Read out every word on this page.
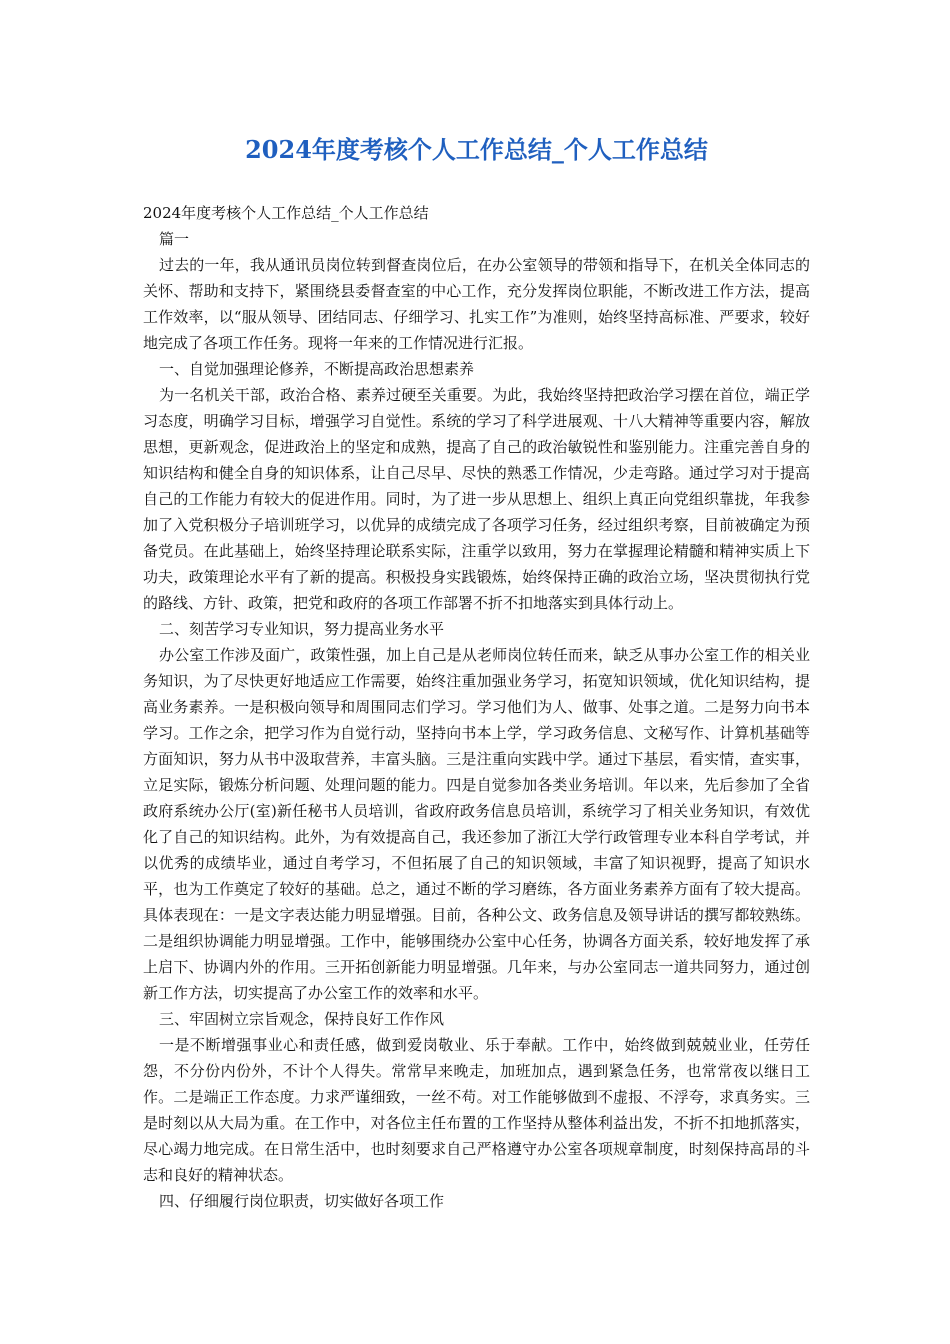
2024年度考核个人工作总结_个人工作总结

2024年度考核个人工作总结_个人工作总结

篇一

过去的一年，我从通讯员岗位转到督查岗位后，在办公室领导的带领和指导下，在机关全体同志的关怀、帮助和支持下，紧围绕县委督查室的中心工作，充分发挥岗位职能，不断改进工作方法，提高工作效率，以“服从领导、团结同志、仔细学习、扎实工作”为准则，始终坚持高标准、严要求，较好地完成了各项工作任务。现将一年来的工作情况进行汇报。

一、自觉加强理论修养，不断提高政治思想素养

为一名机关干部，政治合格、素养过硬至关重要。为此，我始终坚持把政治学习摆在首位，端正学习态度，明确学习目标，增强学习自觉性。系统的学习了科学进展观、十八大精神等重要内容，解放思想，更新观念，促进政治上的坚定和成熟，提高了自己的政治敏锐性和鉴别能力。注重完善自身的知识结构和健全自身的知识体系，让自己尽早、尽快的熟悉工作情况，少走弯路。通过学习对于提高自己的工作能力有较大的促进作用。同时，为了进一步从思想上、组织上真正向党组织靠拢，年我参加了入党积极分子培训班学习，以优异的成绩完成了各项学习任务，经过组织考察，目前被确定为预备党员。在此基础上，始终坚持理论联系实际，注重学以致用，努力在掌握理论精髓和精神实质上下功夫，政策理论水平有了新的提高。积极投身实践锻炼，始终保持正确的政治立场，坚决贯彻执行党的路线、方针、政策，把党和政府的各项工作部署不折不扣地落实到具体行动上。

二、刻苦学习专业知识，努力提高业务水平

办公室工作涉及面广，政策性强，加上自己是从老师岗位转任而来，缺乏从事办公室工作的相关业务知识，为了尽快更好地适应工作需要，始终注重加强业务学习，拓宽知识领域，优化知识结构，提高业务素养。一是积极向领导和周围同志们学习。学习他们为人、做事、处事之道。二是努力向书本学习。工作之余，把学习作为自觉行动，坚持向书本上学，学习政务信息、文秘写作、计算机基础等方面知识，努力从书中汲取营养，丰富头脑。三是注重向实践中学。通过下基层，看实情，查实事，立足实际，锻炼分析问题、处理问题的能力。四是自觉参加各类业务培训。年以来，先后参加了全省政府系统办公厅(室)新任秘书人员培训，省政府政务信息员培训，系统学习了相关业务知识，有效优化了自己的知识结构。此外，为有效提高自己，我还参加了浙江大学行政管理专业本科自学考试，并以优秀的成绩毕业，通过自考学习，不但拓展了自己的知识领域，丰富了知识视野，提高了知识水平，也为工作奠定了较好的基础。总之，通过不断的学习磨练，各方面业务素养方面有了较大提高。具体表现在：一是文字表达能力明显增强。目前，各种公文、政务信息及领导讲话的撰写都较熟练。二是组织协调能力明显增强。工作中，能够围绕办公室中心任务，协调各方面关系，较好地发挥了承上启下、协调内外的作用。三开拓创新能力明显增强。几年来，与办公室同志一道共同努力，通过创新工作方法，切实提高了办公室工作的效率和水平。

三、牢固树立宗旨观念，保持良好工作作风

一是不断增强事业心和责任感，做到爱岗敬业、乐于奉献。工作中，始终做到兢兢业业，任劳任怨，不分份内份外，不计个人得失。常常早来晚走，加班加点，遇到紧急任务，也常常夜以继日工作。二是端正工作态度。力求严谨细致，一丝不苟。对工作能够做到不虚报、不浮夸，求真务实。三是时刻以从大局为重。在工作中，对各位主任布置的工作坚持从整体利益出发，不折不扣地抓落实，尽心竭力地完成。在日常生活中，也时刻要求自己严格遵守办公室各项规章制度，时刻保持高昂的斗志和良好的精神状态。

四、仔细履行岗位职责，切实做好各项工作
